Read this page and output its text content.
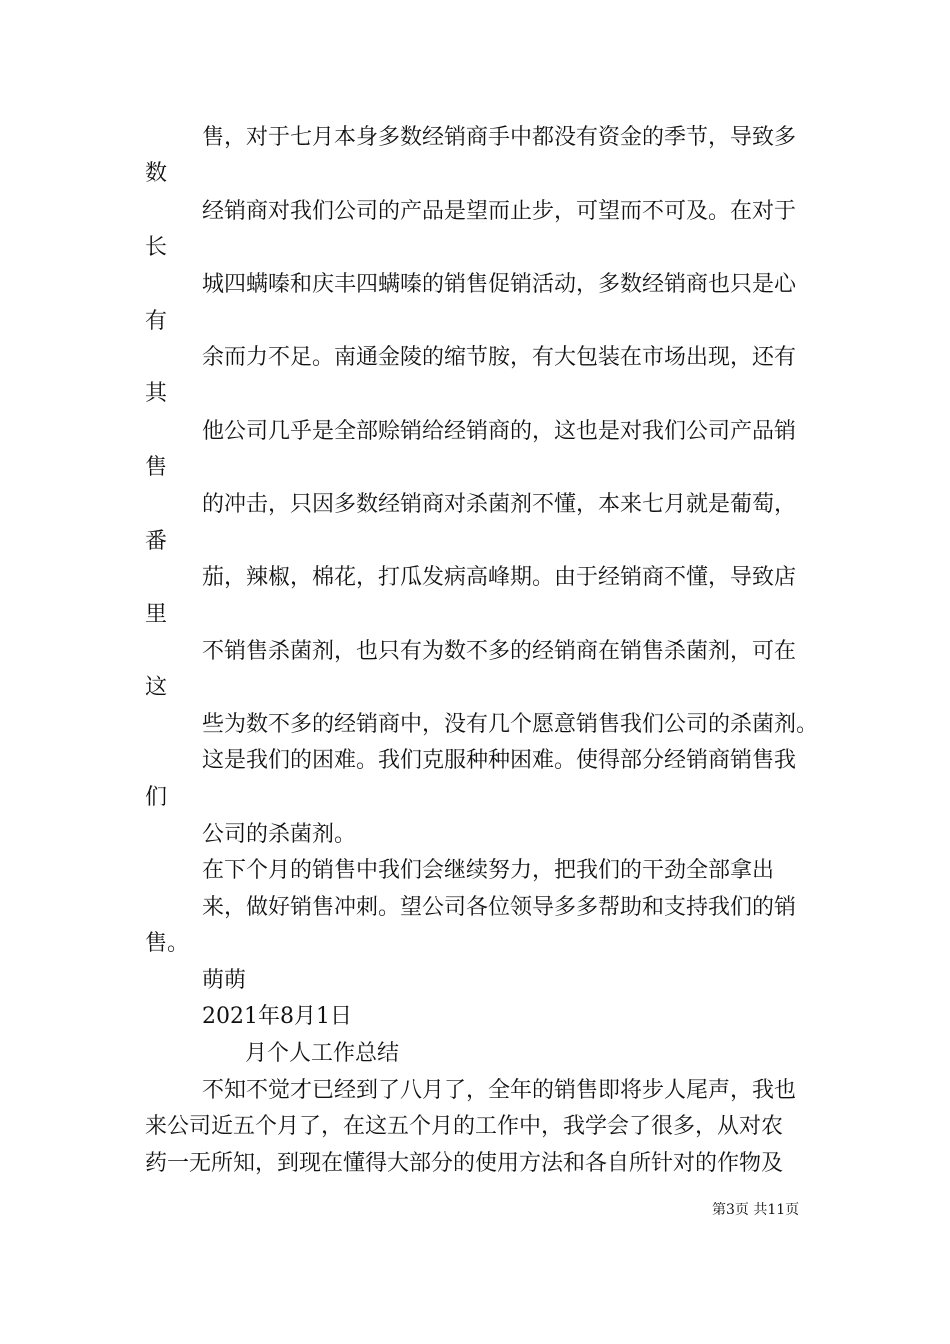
售，对于七月本身多数经销商手中都没有资金的季节，导致多
数
经销商对我们公司的产品是望而止步，可望而不可及。在对于
长
城四螨嗪和庆丰四螨嗪的销售促销活动，多数经销商也只是心
有
余而力不足。南通金陵的缩节胺，有大包装在市场出现，还有
其
他公司几乎是全部赊销给经销商的，这也是对我们公司产品销
售
的冲击，只因多数经销商对杀菌剂不懂，本来七月就是葡萄，
番
茄，辣椒，棉花，打瓜发病高峰期。由于经销商不懂，导致店
里
不销售杀菌剂，也只有为数不多的经销商在销售杀菌剂，可在
这
些为数不多的经销商中，没有几个愿意销售我们公司的杀菌剂。
这是我们的困难。我们克服种种困难。使得部分经销商销售我
们
公司的杀菌剂。
在下个月的销售中我们会继续努力，把我们的干劲全部拿出
来，做好销售冲刺。望公司各位领导多多帮助和支持我们的销
售。
萌萌
2021年8月1日
月个人工作总结
不知不觉才已经到了八月了，全年的销售即将步人尾声，我也
来公司近五个月了，在这五个月的工作中，我学会了很多，从对农
药一无所知，到现在懂得大部分的使用方法和各自所针对的作物及
第3页 共11页
